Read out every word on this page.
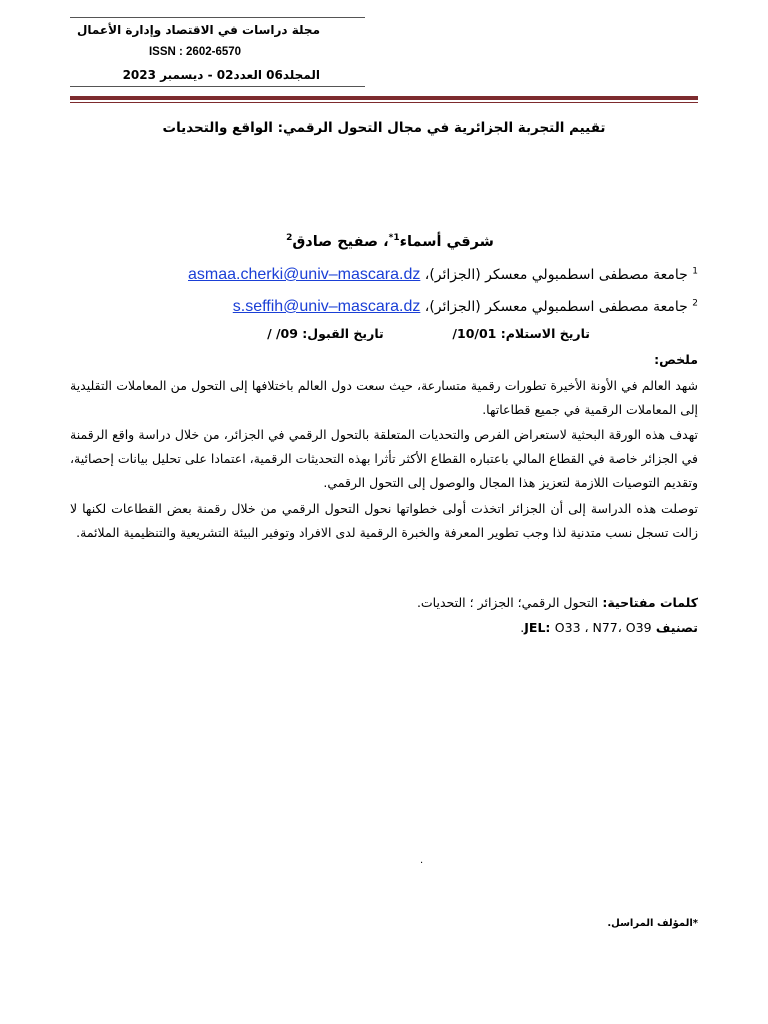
مجلة دراسات في الاقتصاد وإدارة الأعمال
ISSN : 2602-6570
المجلد06 العدد02 - ديسمبر 2023
تقييم التجربة الجزائرية في مجال التحول الرقمي: الواقع والتحديات
شرقي أسماء$^{1*}$، صفيح صادق$^2$
$^1$ جامعة مصطفى اسطمبولي معسكر (الجزائر)، asmaa.cherki@univ–mascara.dz
$^2$ جامعة مصطفى اسطمبولي معسكر (الجزائر)، s.seffih@univ–mascara.dz
تاريخ الاستلام: 10/01/  تاريخ القبول: 09/ /
ملخص:
شهد العالم في الأونة الأخيرة تطورات رقمية متسارعة، حيث سعت دول العالم باختلافها إلى التحول من المعاملات التقليدية إلى المعاملات الرقمية في جميع قطاعاتها.
تهدف هذه الورقة البحثية لاستعراض الفرص والتحديات المتعلقة بالتحول الرقمي في الجزائر، من خلال دراسة واقع الرقمنة في الجزائر خاصة في القطاع المالي باعتباره القطاع الأكثر تأثرا بهذه التحديثات الرقمية، اعتمادا على تحليل بيانات إحصائية، وتقديم التوصيات اللازمة لتعزيز هذا المجال والوصول إلى التحول الرقمي.
توصلت هذه الدراسة إلى أن الجزائر اتخذت أولى خطواتها نحول التحول الرقمي من خلال رقمنة بعض القطاعات لكنها لا زالت تسجل نسب متدنية لذا وجب تطوير المعرفة والخبرة الرقمية لدى الافراد وتوفير البيئة التشريعية والتنظيمية الملائمة.
كلمات مفتاحية: التحول الرقمي؛ الجزائر ؛ التحديات.
تصنيف JEL: O33 ، N77، O39.
.
*المؤلف المراسل.
